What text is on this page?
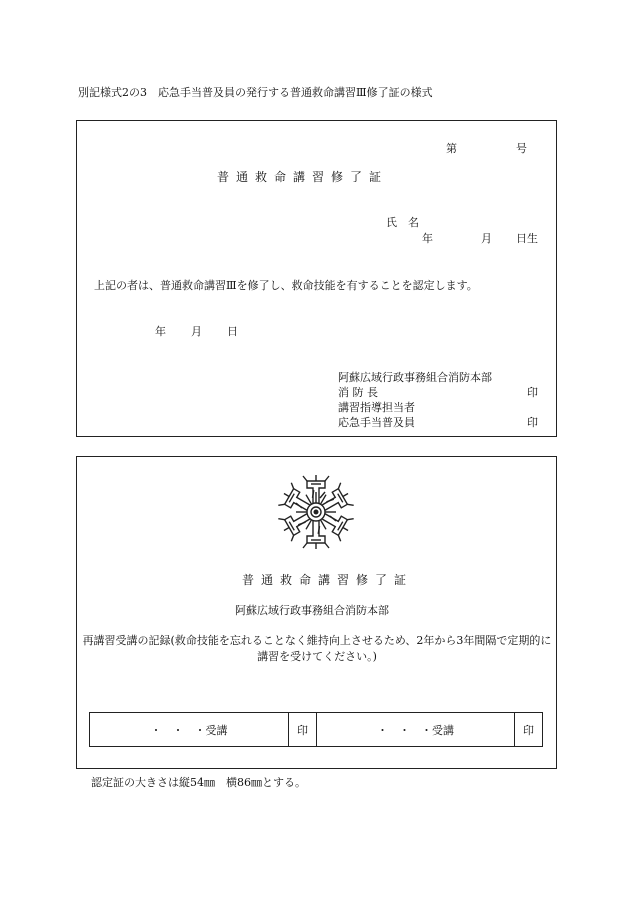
別記様式2の3　応急手当普及員の発行する普通救命講習Ⅲ修了証の様式
第	号
普通救命講習修了証
氏　名
年	月 日生
上記の者は、普通救命講習Ⅲを修了し、救命技能を有することを認定します。
年 月 日
阿蘇広域行政事務組合消防本部
消 防 長	印
講習指導担当者
応急手当普及員	印
普通救命講習修了証
阿蘇広域行政事務組合消防本部
再講習受講の記録(救命技能を忘れることなく維持向上させるため、2年から3年間隔で定期的に講習を受けてください。)
・　・　・受講	印	・　・　・受講	印
認定証の大きさは縦54㎜　横86㎜とする。
